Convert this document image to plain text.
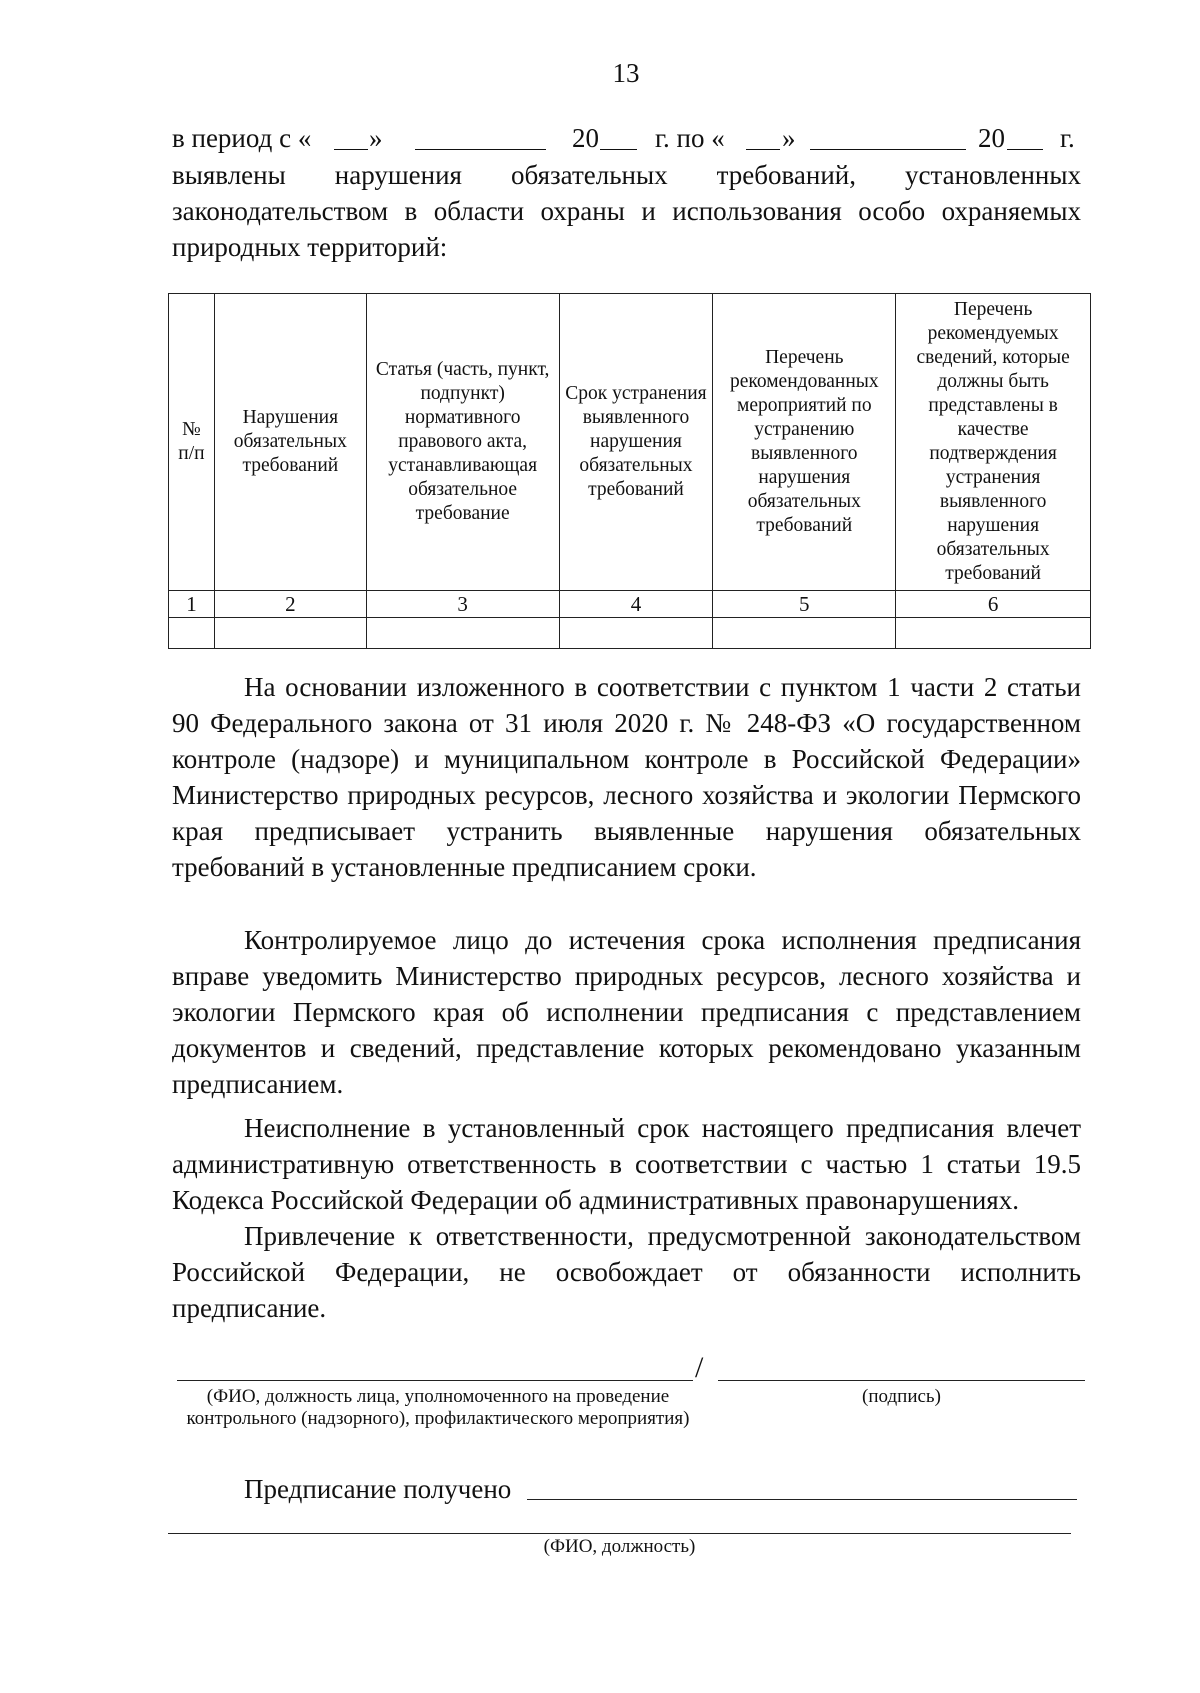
13
в период с « »	20 г. по « »	20 г.
выявлены нарушения обязательных требований, установленных законодательством в области охраны и использования особо охраняемых природных территорий:
№ п/п	Нарушения обязательных требований	Статья (часть, пункт, подпункт) нормативного правового акта, устанавливающая обязательное требование	Срок устранения выявленного нарушения обязательных требований	Перечень рекомендованных мероприятий по устранению выявленного нарушения обязательных требований	Перечень рекомендуемых сведений, которые должны быть представлены в качестве подтверждения устранения выявленного нарушения обязательных требований
1	2	3	4	5	6

На основании изложенного в соответствии с пунктом 1 части 2 статьи 90 Федерального закона от 31 июля 2020 г. № 248-ФЗ «О государственном контроле (надзоре) и муниципальном контроле в Российской Федерации» Министерство природных ресурсов, лесного хозяйства и экологии Пермского края предписывает устранить выявленные нарушения обязательных требований в установленные предписанием сроки.
Контролируемое лицо до истечения срока исполнения предписания вправе уведомить Министерство природных ресурсов, лесного хозяйства и экологии Пермского края об исполнении предписания с представлением документов и сведений, представление которых рекомендовано указанным предписанием.
Неисполнение в установленный срок настоящего предписания влечет административную ответственность в соответствии с частью 1 статьи 19.5 Кодекса Российской Федерации об административных правонарушениях.
Привлечение к ответственности, предусмотренной законодательством Российской Федерации, не освобождает от обязанности исполнить предписание.
/
(ФИО, должность лица, уполномоченного на проведение контрольного (надзорного), профилактического мероприятия)
(подпись)
Предписание получено
(ФИО, должность)
